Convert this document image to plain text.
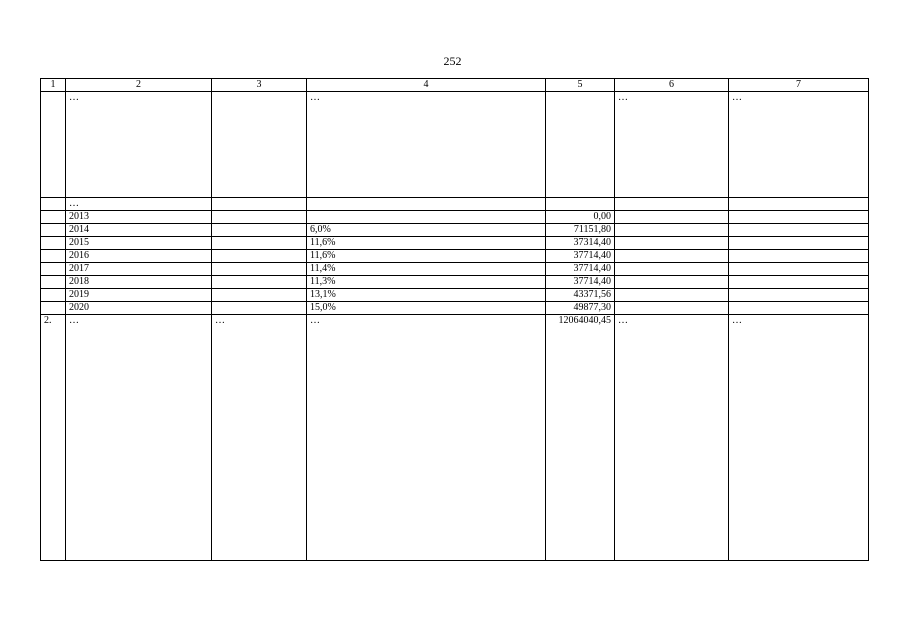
252
1	2	3	4	5	6	7
	…		…		…	…
	…					
	2013			0,00		
	2014		6,0%	71151,80		
	2015		11,6%	37314,40		
	2016		11,6%	37714,40		
	2017		11,4%	37714,40		
	2018		11,3%	37714,40		
	2019		13,1%	43371,56		
	2020		15,0%	49877,30		
2.	…	…	…	12064040,45	…	…
